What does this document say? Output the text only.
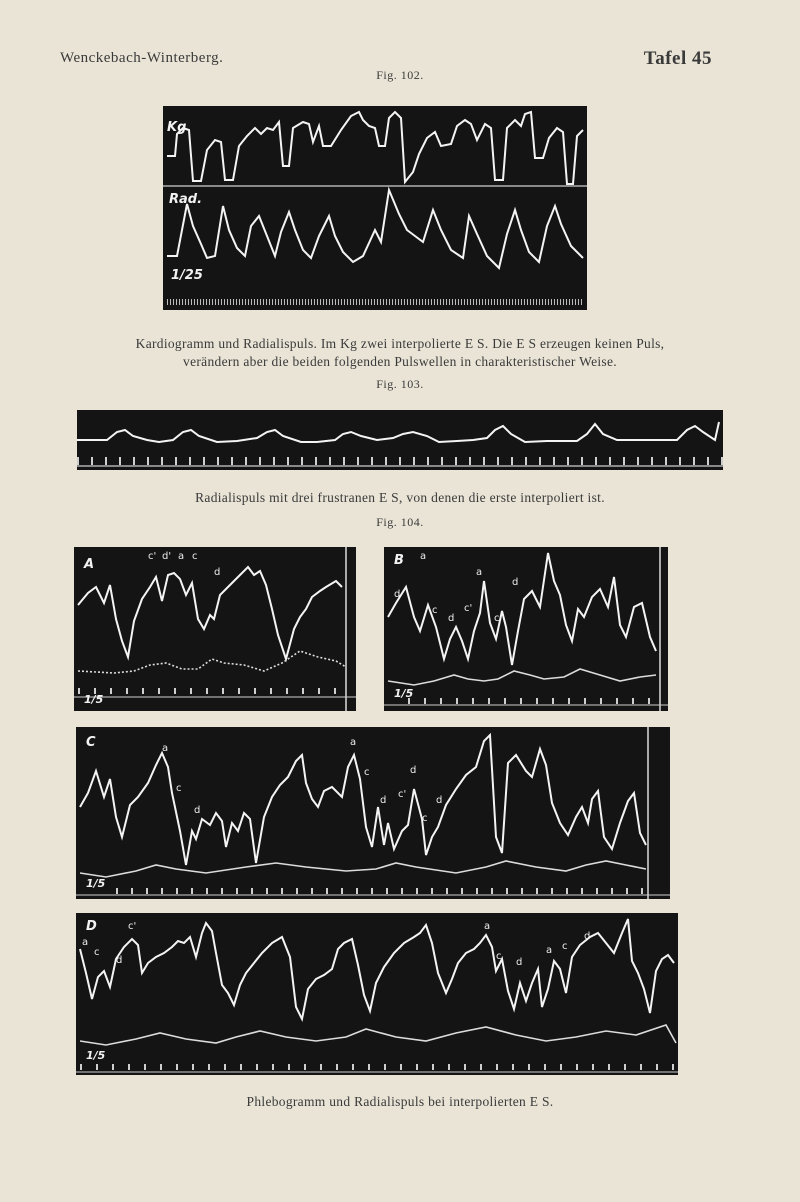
Wenckebach-Winterberg.	Tafel 45
Fig. 102.
Kg
Rad.
1/25
Kardiogramm und Radialispuls. Im Kg zwei interpolierte E S. Die E S erzeugen keinen Puls,
verändern aber die beiden folgenden Pulswellen in charakteristischer Weise.
Fig. 103.
Radialispuls mit drei frustranen E S, von denen die erste interpoliert ist.
Fig. 104.
A
1/5
c' d' a c
d
B
1/5
a
a
d
d
c	c'
d	c
C
1/5
a
c
d
a
c	d
d
c'
c
d
D
1/5
c'
a
c
d
a
d
c
a c
d
Phlebogramm und Radialispuls bei interpolierten E S.
